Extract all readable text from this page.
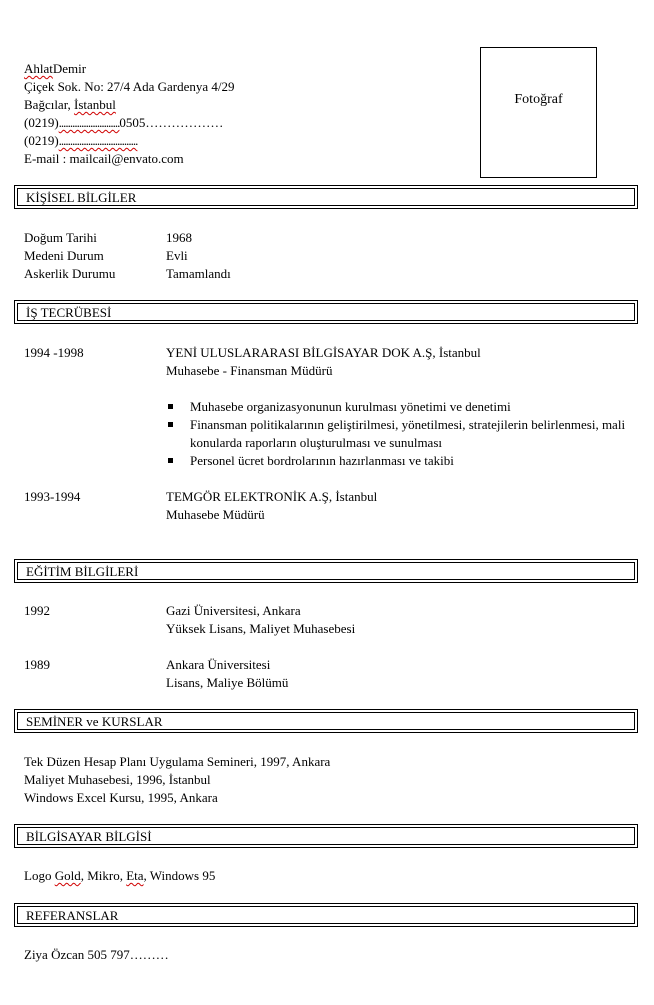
AhlatDemir
Çiçek Sok. No: 27/4 Ada Gardenya 4/29
Bağcılar, İstanbul
(0219)...........................0505………………
(0219)...................................
E-mail : mailcail@envato.com
Fotoğraf
KİŞİSEL BİLGİLER
Doğum Tarihi	1968
Medeni Durum	Evli
Askerlik Durumu	Tamamlandı
İŞ TECRÜBESİ
1994 -1998	YENİ ULUSLARARASI BİLGİSAYAR DOK A.Ş, İstanbul
Muhasebe - Finansman Müdürü
Muhasebe organizasyonunun kurulması yönetimi ve denetimi
Finansman politikalarının geliştirilmesi, yönetilmesi, stratejilerin belirlenmesi, mali konularda raporların oluşturulması ve sunulması
Personel ücret bordrolarının hazırlanması ve takibi
1993-1994	TEMGÖR ELEKTRONİK A.Ş, İstanbul
Muhasebe Müdürü
EĞİTİM BİLGİLERİ
1992	Gazi Üniversitesi, Ankara
Yüksek Lisans, Maliyet Muhasebesi
1989	Ankara Üniversitesi
Lisans, Maliye Bölümü
SEMİNER ve KURSLAR
Tek Düzen Hesap Planı Uygulama Semineri, 1997, Ankara
Maliyet Muhasebesi, 1996, İstanbul
Windows Excel Kursu, 1995, Ankara
BİLGİSAYAR BİLGİSİ
Logo Gold, Mikro, Eta, Windows 95
REFERANSLAR
Ziya Özcan 505 797………
